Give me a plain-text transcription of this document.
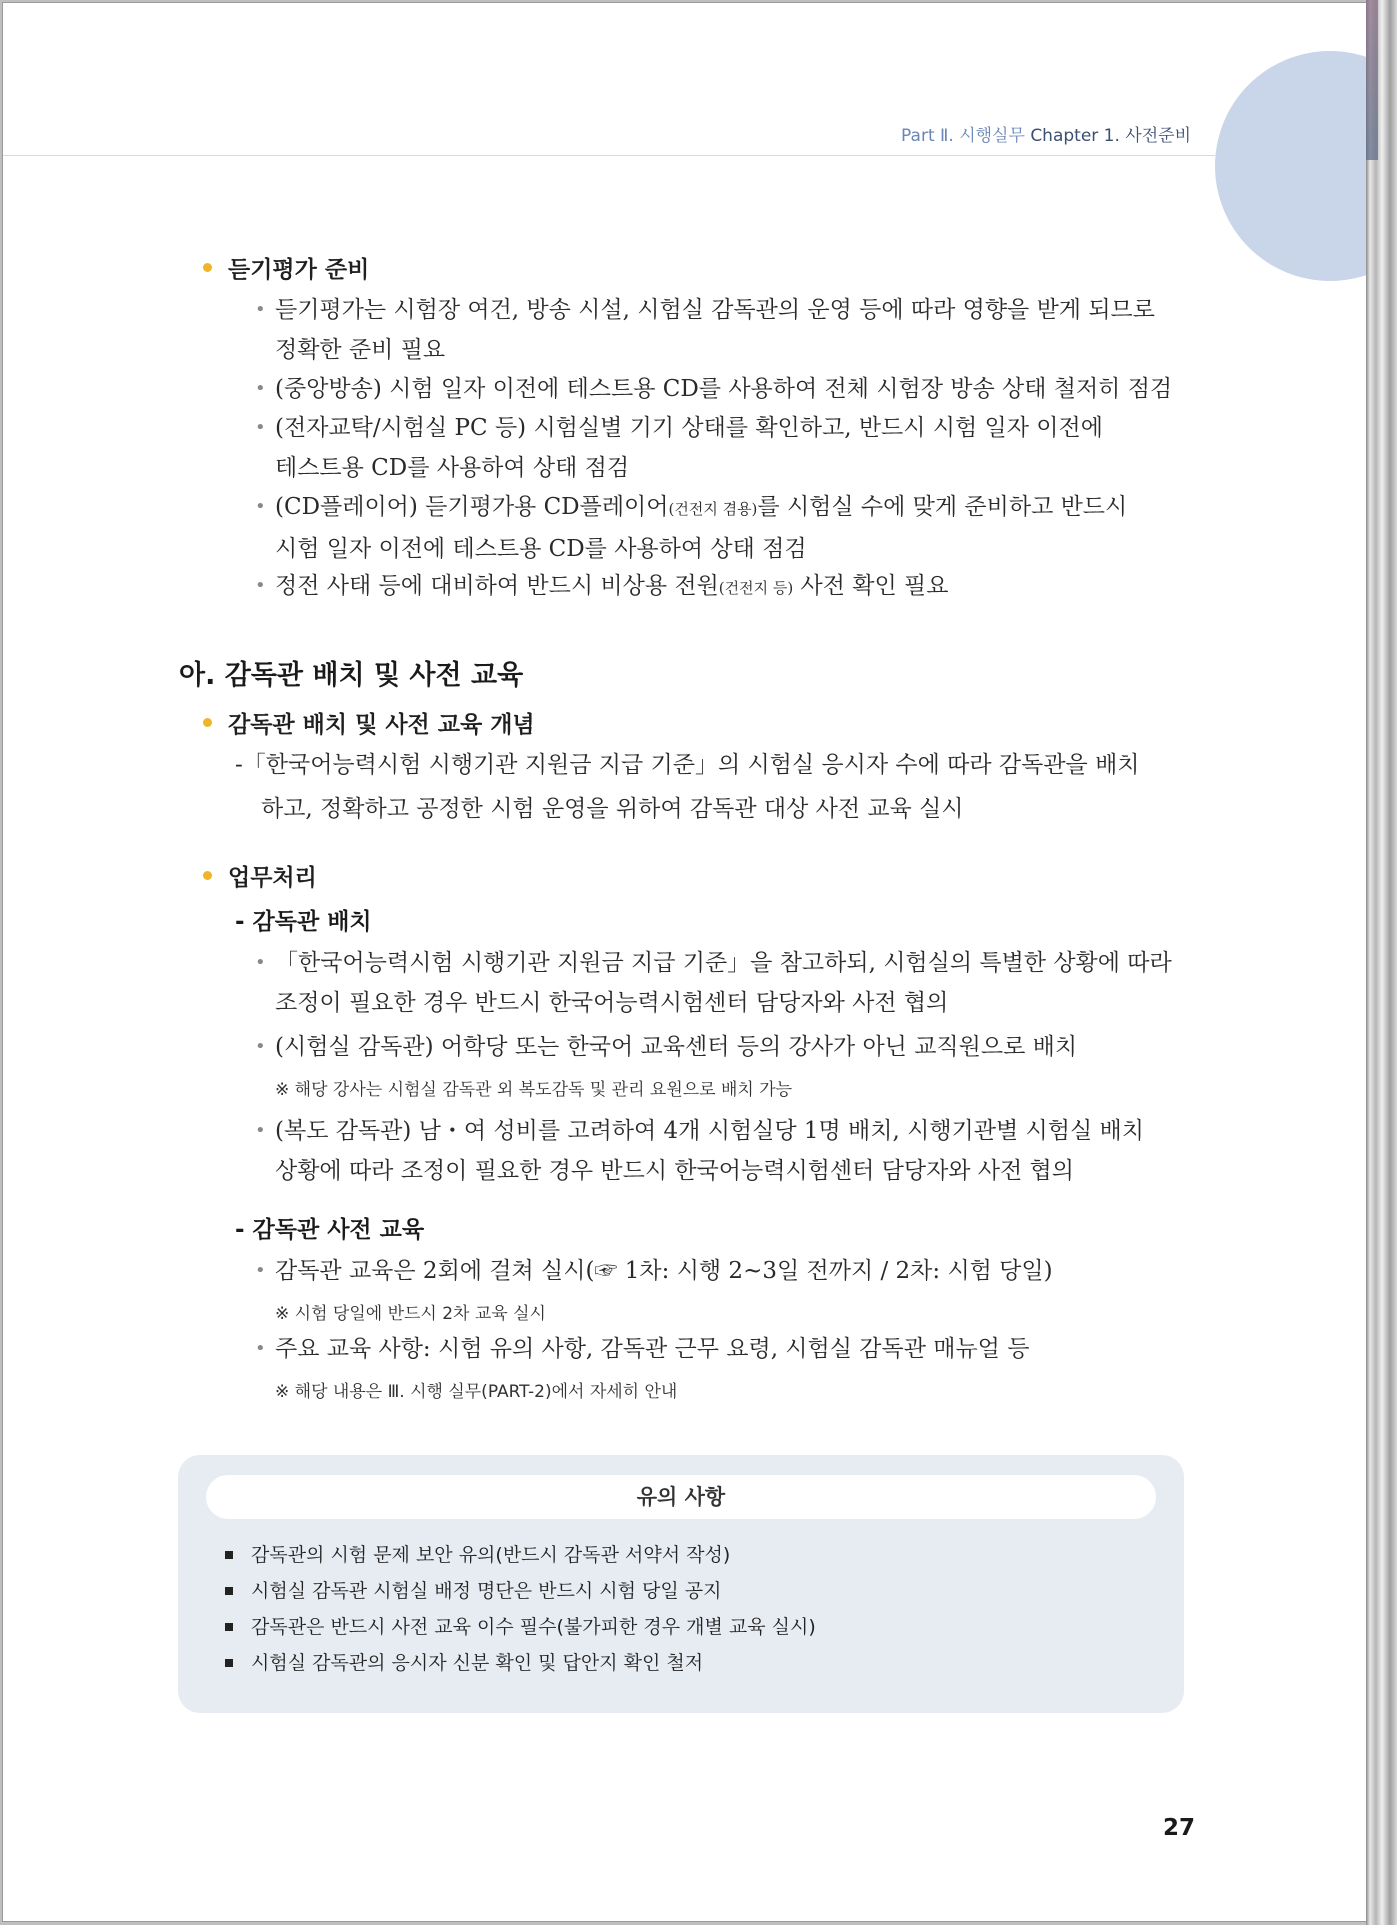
Part Ⅱ. 시행실무 Chapter 1. 사전준비
듣기평가 준비
• 듣기평가는 시험장 여건, 방송 시설, 시험실 감독관의 운영 등에 따라 영향을 받게 되므로
정확한 준비 필요
• (중앙방송) 시험 일자 이전에 테스트용 CD를 사용하여 전체 시험장 방송 상태 철저히 점검
• (전자교탁/시험실 PC 등) 시험실별 기기 상태를 확인하고, 반드시 시험 일자 이전에
테스트용 CD를 사용하여 상태 점검
• (CD플레이어) 듣기평가용 CD플레이어(건전지 겸용)를 시험실 수에 맞게 준비하고 반드시
시험 일자 이전에 테스트용 CD를 사용하여 상태 점검
• 정전 사태 등에 대비하여 반드시 비상용 전원(건전지 등) 사전 확인 필요
아. 감독관 배치 및 사전 교육
감독관 배치 및 사전 교육 개념
-「한국어능력시험 시행기관 지원금 지급 기준」의 시험실 응시자 수에 따라 감독관을 배치
하고, 정확하고 공정한 시험 운영을 위하여 감독관 대상 사전 교육 실시
업무처리
- 감독관 배치
• 「한국어능력시험 시행기관 지원금 지급 기준」을 참고하되, 시험실의 특별한 상황에 따라
조정이 필요한 경우 반드시 한국어능력시험센터 담당자와 사전 협의
• (시험실 감독관) 어학당 또는 한국어 교육센터 등의 강사가 아닌 교직원으로 배치
※ 해당 강사는 시험실 감독관 외 복도감독 및 관리 요원으로 배치 가능
• (복도 감독관) 남・여 성비를 고려하여 4개 시험실당 1명 배치, 시행기관별 시험실 배치
상황에 따라 조정이 필요한 경우 반드시 한국어능력시험센터 담당자와 사전 협의
- 감독관 사전 교육
• 감독관 교육은 2회에 걸쳐 실시(☞ 1차: 시행 2~3일 전까지 / 2차: 시험 당일)
※ 시험 당일에 반드시 2차 교육 실시
• 주요 교육 사항: 시험 유의 사항, 감독관 근무 요령, 시험실 감독관 매뉴얼 등
※ 해당 내용은 Ⅲ. 시행 실무(PART-2)에서 자세히 안내
유의 사항
감독관의 시험 문제 보안 유의(반드시 감독관 서약서 작성)
시험실 감독관 시험실 배정 명단은 반드시 시험 당일 공지
감독관은 반드시 사전 교육 이수 필수(불가피한 경우 개별 교육 실시)
시험실 감독관의 응시자 신분 확인 및 답안지 확인 철저
27
